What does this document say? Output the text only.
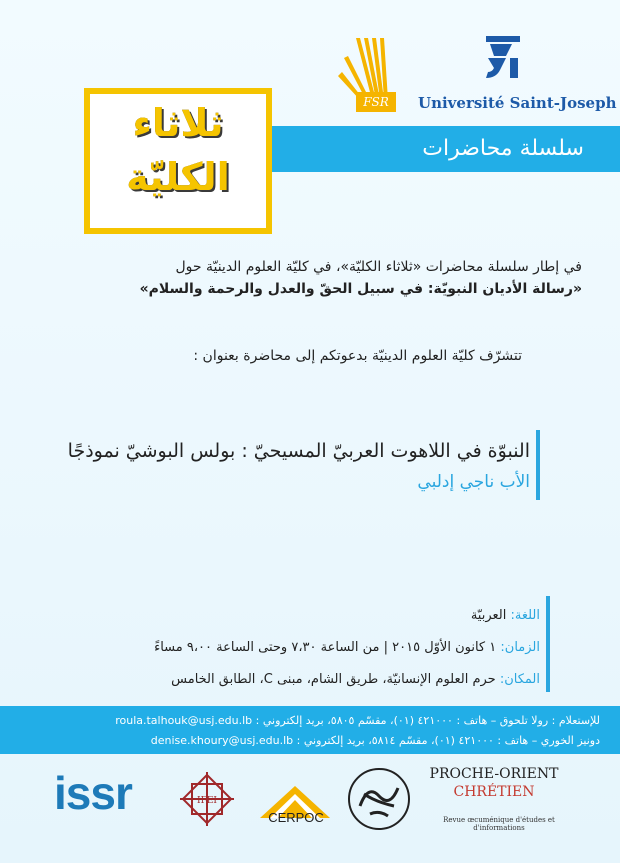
FSR	Université Saint-Joseph
سلسلة محاضرات
ثلاثاء
الكليّة
في إطار سلسلة محاضرات «ثلاثاء الكليّة»، في كليّة العلوم الدينيّة حول
«رسالة الأديان النبويّة: في سبيل الحقّ والعدل والرحمة والسلام»
تتشرّف كليّة العلوم الدينيّة بدعوتكم إلى محاضرة بعنوان :
النبوّة في اللاهوت العربيّ المسيحيّ : بولس البوشيّ نموذجًا
الأب ناجي إدلبي
اللغة: العربيّة
الزمان: ١ كانون الأوّل ٢٠١٥ | من الساعة ٧،٣٠ وحتى الساعة ٩،٠٠ مساءً
المكان: حرم العلوم الإنسانيّة، طريق الشام، مبنى C، الطابق الخامس
للإستعلام : رولا تلحوق – هاتف : ٤٢١٠٠٠ (٠١)، مقسّم ٥٨٠٥، بريد إلكتروني : roula.talhouk@usj.edu.lb
دونيز الخوري – هاتف : ٤٢١٠٠٠ (٠١)، مقسّم ٥٨١٤، بريد إلكتروني : denise.khoury@usj.edu.lb
issr	IFEI
CERPOC
PROCHE-ORIENT
CHRÉTIEN
Revue œcuménique d'études et d'informations
